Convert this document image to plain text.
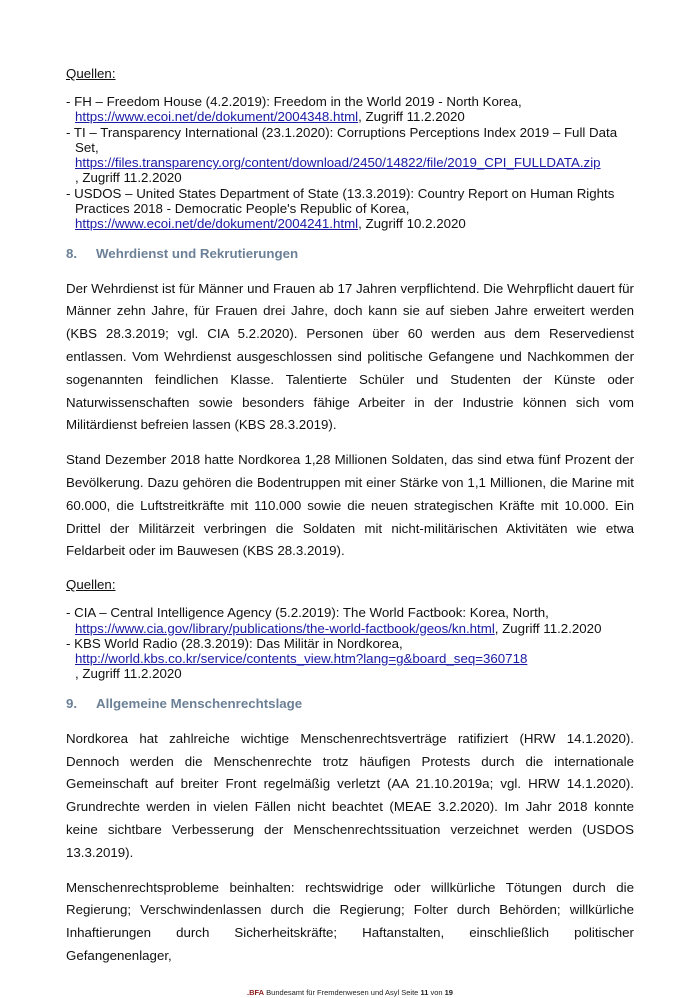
Quellen:
- FH – Freedom House (4.2.2019): Freedom in the World 2019 - North Korea,
https://www.ecoi.net/de/dokument/2004348.html, Zugriff 11.2.2020
- TI – Transparency International (23.1.2020): Corruptions Perceptions Index 2019 – Full Data Set,
https://files.transparency.org/content/download/2450/14822/file/2019_CPI_FULLDATA.zip, Zugriff 11.2.2020
- USDOS – United States Department of State (13.3.2019): Country Report on Human Rights Practices 2018 - Democratic People's Republic of Korea,
https://www.ecoi.net/de/dokument/2004241.html, Zugriff 10.2.2020
8. Wehrdienst und Rekrutierungen

Der Wehrdienst ist für Männer und Frauen ab 17 Jahren verpflichtend. Die Wehrpflicht dauert für Männer zehn Jahre, für Frauen drei Jahre, doch kann sie auf sieben Jahre erweitert werden (KBS 28.3.2019; vgl. CIA 5.2.2020). Personen über 60 werden aus dem Reservedienst entlassen. Vom Wehrdienst ausgeschlossen sind politische Gefangene und Nachkommen der sogenannten feindlichen Klasse. Talentierte Schüler und Studenten der Künste oder Naturwissenschaften sowie besonders fähige Arbeiter in der Industrie können sich vom Militärdienst befreien lassen (KBS 28.3.2019).

Stand Dezember 2018 hatte Nordkorea 1,28 Millionen Soldaten, das sind etwa fünf Prozent der Bevölkerung. Dazu gehören die Bodentruppen mit einer Stärke von 1,1 Millionen, die Marine mit 60.000, die Luftstreitkräfte mit 110.000 sowie die neuen strategischen Kräfte mit 10.000. Ein Drittel der Militärzeit verbringen die Soldaten mit nicht-militärischen Aktivitäten wie etwa Feldarbeit oder im Bauwesen (KBS 28.3.2019).

Quellen:
- CIA – Central Intelligence Agency (5.2.2019): The World Factbook: Korea, North,
https://www.cia.gov/library/publications/the-world-factbook/geos/kn.html, Zugriff 11.2.2020
- KBS World Radio (28.3.2019): Das Militär in Nordkorea,
http://world.kbs.co.kr/service/contents_view.htm?lang=g&board_seq=360718, Zugriff 11.2.2020
9. Allgemeine Menschenrechtslage

Nordkorea hat zahlreiche wichtige Menschenrechtsverträge ratifiziert (HRW 14.1.2020). Dennoch werden die Menschenrechte trotz häufigen Protests durch die internationale Gemeinschaft auf breiter Front regelmäßig verletzt (AA 21.10.2019a; vgl. HRW 14.1.2020). Grundrechte werden in vielen Fällen nicht beachtet (MEAE 3.2.2020). Im Jahr 2018 konnte keine sichtbare Verbesserung der Menschenrechtssituation verzeichnet werden (USDOS 13.3.2019).

Menschenrechtsprobleme beinhalten: rechtswidrige oder willkürliche Tötungen durch die Regierung; Verschwindenlassen durch die Regierung; Folter durch Behörden; willkürliche Inhaftierungen durch Sicherheitskräfte; Haftanstalten, einschließlich politischer Gefangenenlager,

.BFA Bundesamt für Fremdenwesen und Asyl Seite 11 von 19
